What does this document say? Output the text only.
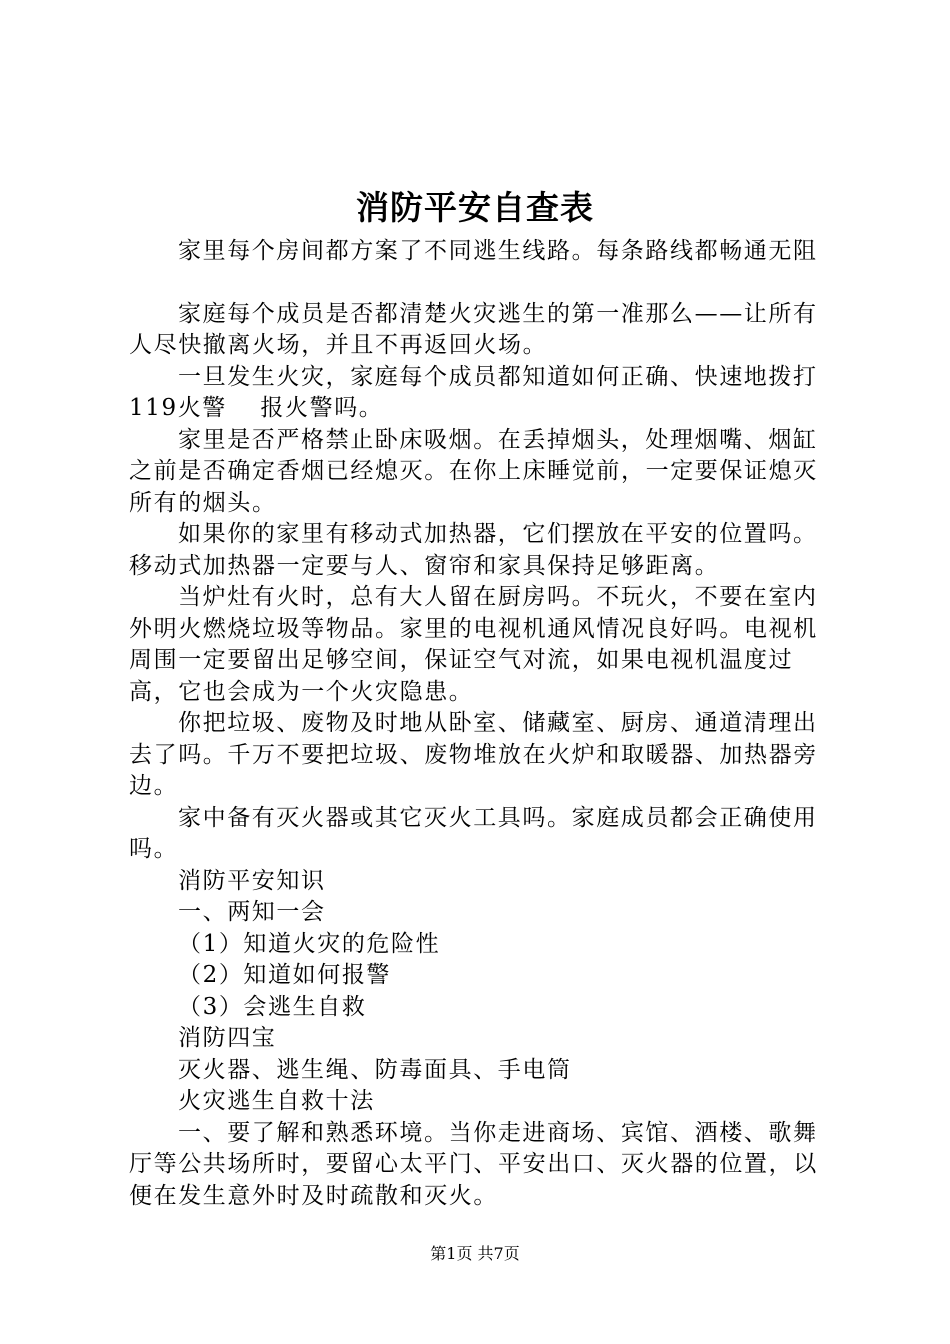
消防平安自查表

家里每个房间都方案了不同逃生线路。每条路线都畅通无阻

家庭每个成员是否都清楚火灾逃生的第一准那么——让所有人尽快撤离火场，并且不再返回火场。

一旦发生火灾，家庭每个成员都知道如何正确、快速地拨打119火警　 报火警吗。

家里是否严格禁止卧床吸烟。在丢掉烟头，处理烟嘴、烟缸之前是否确定香烟已经熄灭。在你上床睡觉前，一定要保证熄灭所有的烟头。

如果你的家里有移动式加热器，它们摆放在平安的位置吗。移动式加热器一定要与人、窗帘和家具保持足够距离。

当炉灶有火时，总有大人留在厨房吗。不玩火，不要在室内外明火燃烧垃圾等物品。家里的电视机通风情况良好吗。电视机周围一定要留出足够空间，保证空气对流，如果电视机温度过高，它也会成为一个火灾隐患。

你把垃圾、废物及时地从卧室、储藏室、厨房、通道清理出去了吗。千万不要把垃圾、废物堆放在火炉和取暖器、加热器旁边。

家中备有灭火器或其它灭火工具吗。家庭成员都会正确使用吗。

消防平安知识

一、两知一会

（1）知道火灾的危险性

（2）知道如何报警

（3）会逃生自救

消防四宝

灭火器、逃生绳、防毒面具、手电筒

火灾逃生自救十法

一、要了解和熟悉环境。当你走进商场、宾馆、酒楼、歌舞厅等公共场所时，要留心太平门、平安出口、灭火器的位置，以便在发生意外时及时疏散和灭火。

第1页 共7页
